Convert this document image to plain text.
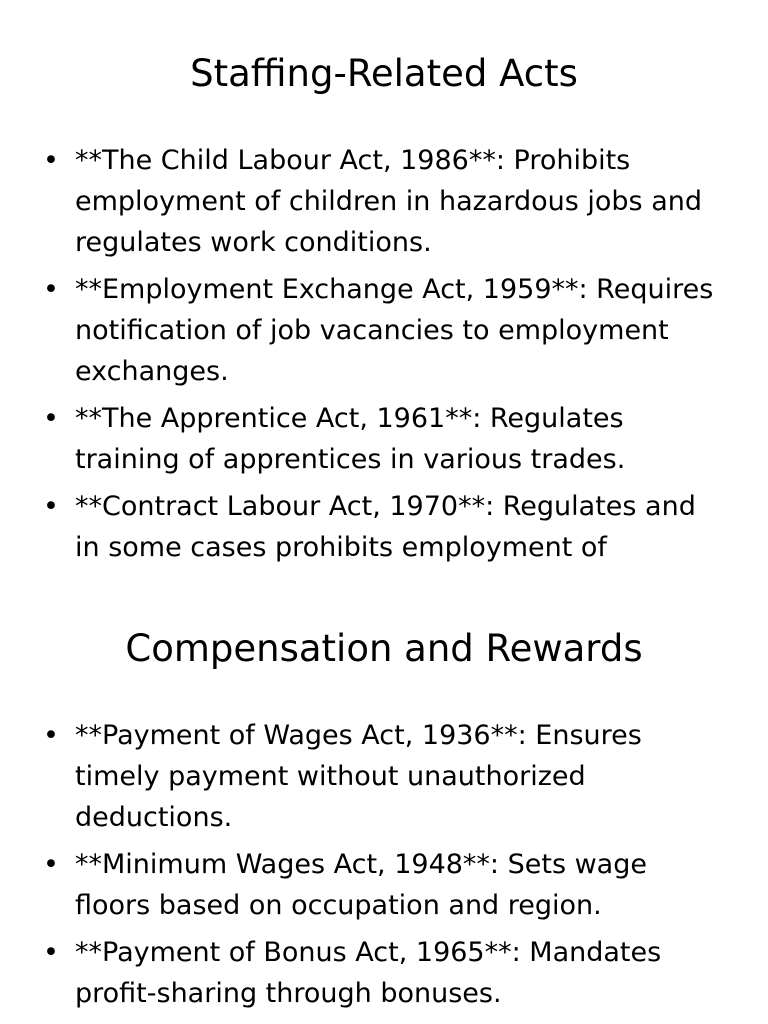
Staffing-Related Acts
• **The Child Labour Act, 1986**: Prohibits employment of children in hazardous jobs and regulates work conditions.
• **Employment Exchange Act, 1959**: Requires notification of job vacancies to employment exchanges.
• **The Apprentice Act, 1961**: Regulates training of apprentices in various trades.
• **Contract Labour Act, 1970**: Regulates and in some cases prohibits employment of
Compensation and Rewards
• **Payment of Wages Act, 1936**: Ensures timely payment without unauthorized deductions.
• **Minimum Wages Act, 1948**: Sets wage floors based on occupation and region.
• **Payment of Bonus Act, 1965**: Mandates profit-sharing through bonuses.
